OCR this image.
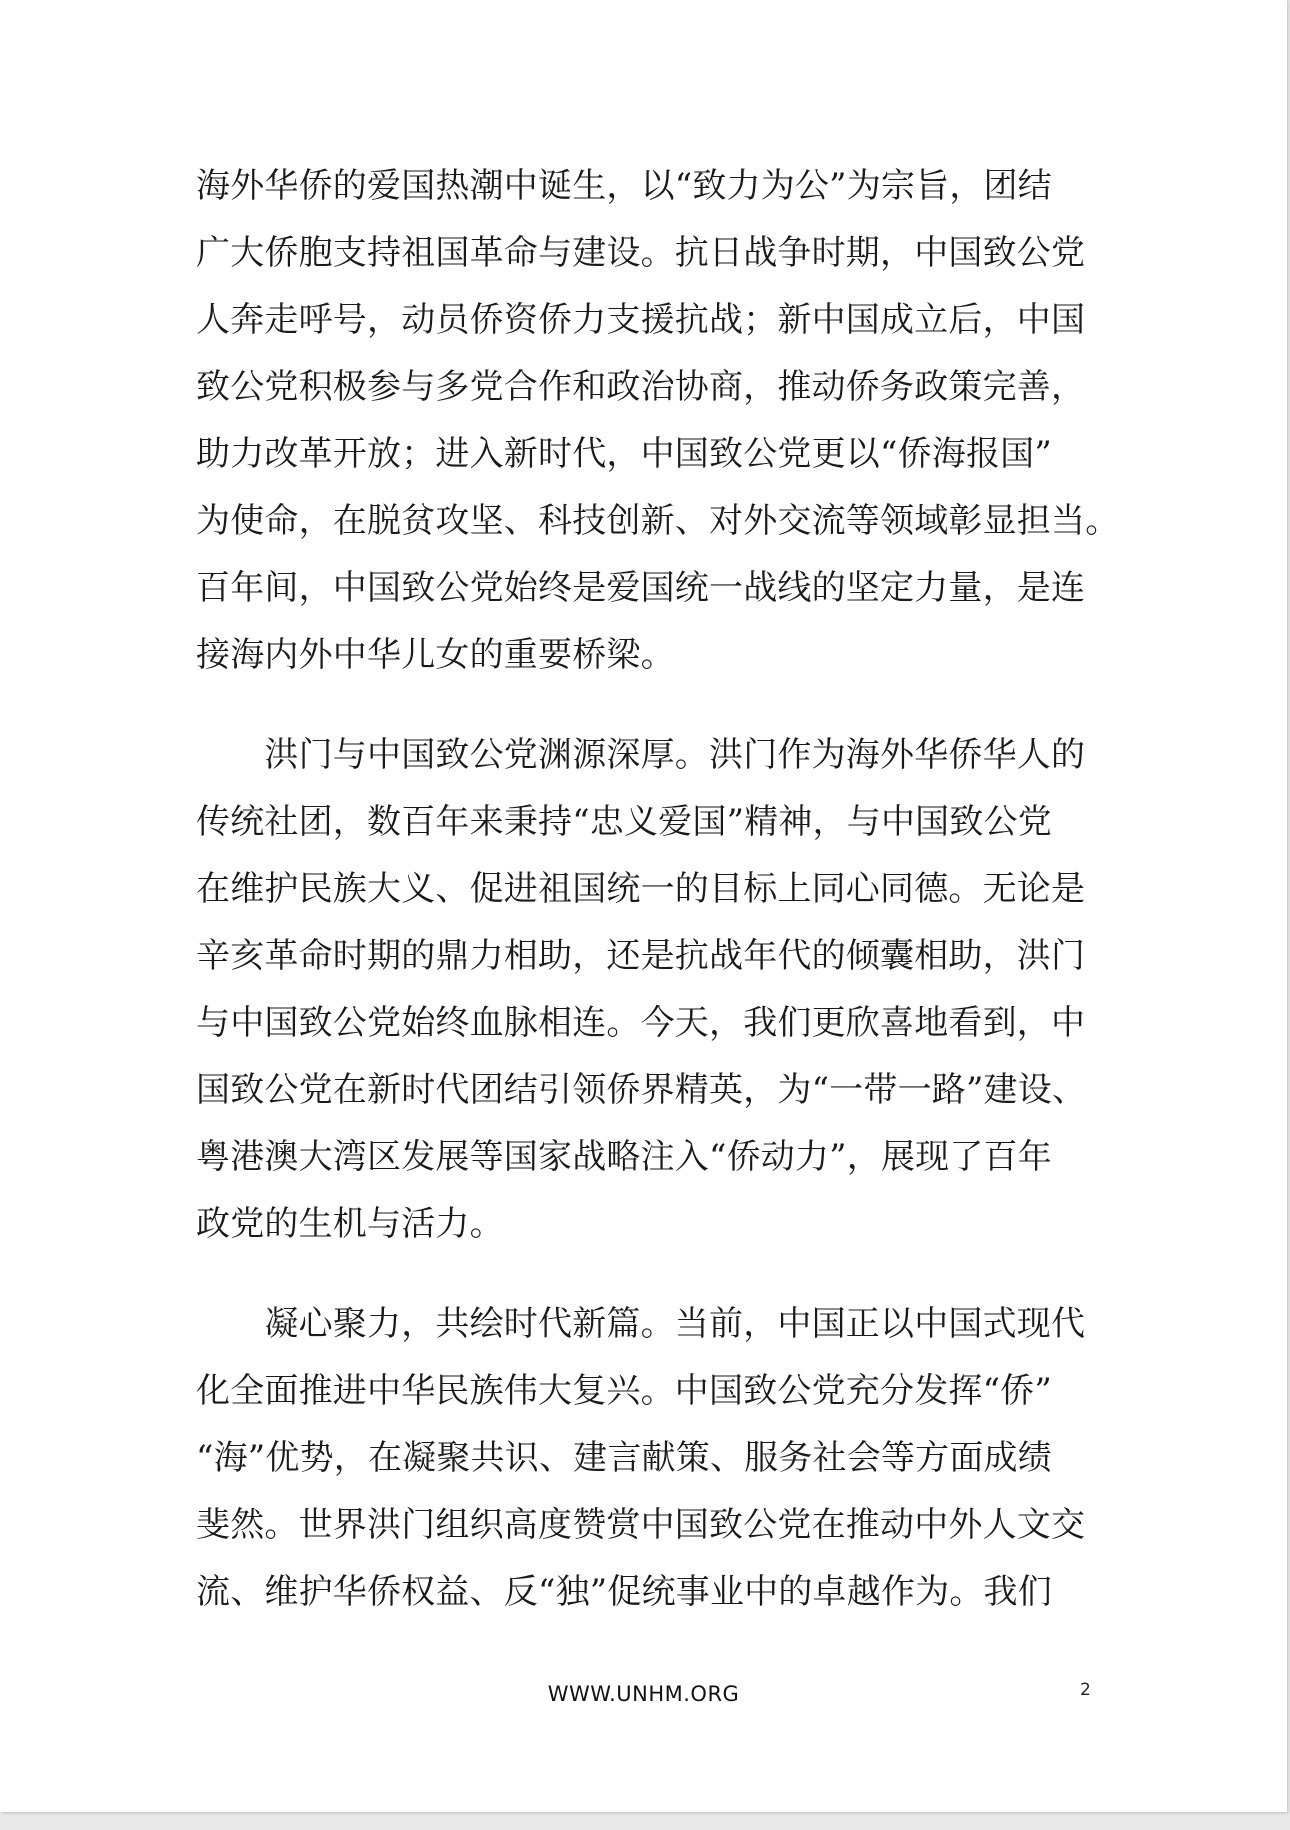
海外华侨的爱国热潮中诞生，以“致力为公”为宗旨，团结
广大侨胞支持祖国革命与建设。抗日战争时期，中国致公党
人奔走呼号，动员侨资侨力支援抗战；新中国成立后，中国
致公党积极参与多党合作和政治协商，推动侨务政策完善，
助力改革开放；进入新时代，中国致公党更以“侨海报国”
为使命，在脱贫攻坚、科技创新、对外交流等领域彰显担当。
百年间，中国致公党始终是爱国统一战线的坚定力量，是连
接海内外中华儿女的重要桥梁。
　　洪门与中国致公党渊源深厚。洪门作为海外华侨华人的
传统社团，数百年来秉持“忠义爱国”精神，与中国致公党
在维护民族大义、促进祖国统一的目标上同心同德。无论是
辛亥革命时期的鼎力相助，还是抗战年代的倾囊相助，洪门
与中国致公党始终血脉相连。今天，我们更欣喜地看到，中
国致公党在新时代团结引领侨界精英，为“一带一路”建设、
粤港澳大湾区发展等国家战略注入“侨动力”，展现了百年
政党的生机与活力。
　　凝心聚力，共绘时代新篇。当前，中国正以中国式现代
化全面推进中华民族伟大复兴。中国致公党充分发挥“侨”
“海”优势，在凝聚共识、建言献策、服务社会等方面成绩
斐然。世界洪门组织高度赞赏中国致公党在推动中外人文交
流、维护华侨权益、反“独”促统事业中的卓越作为。我们
WWW.UNHM.ORG	2
